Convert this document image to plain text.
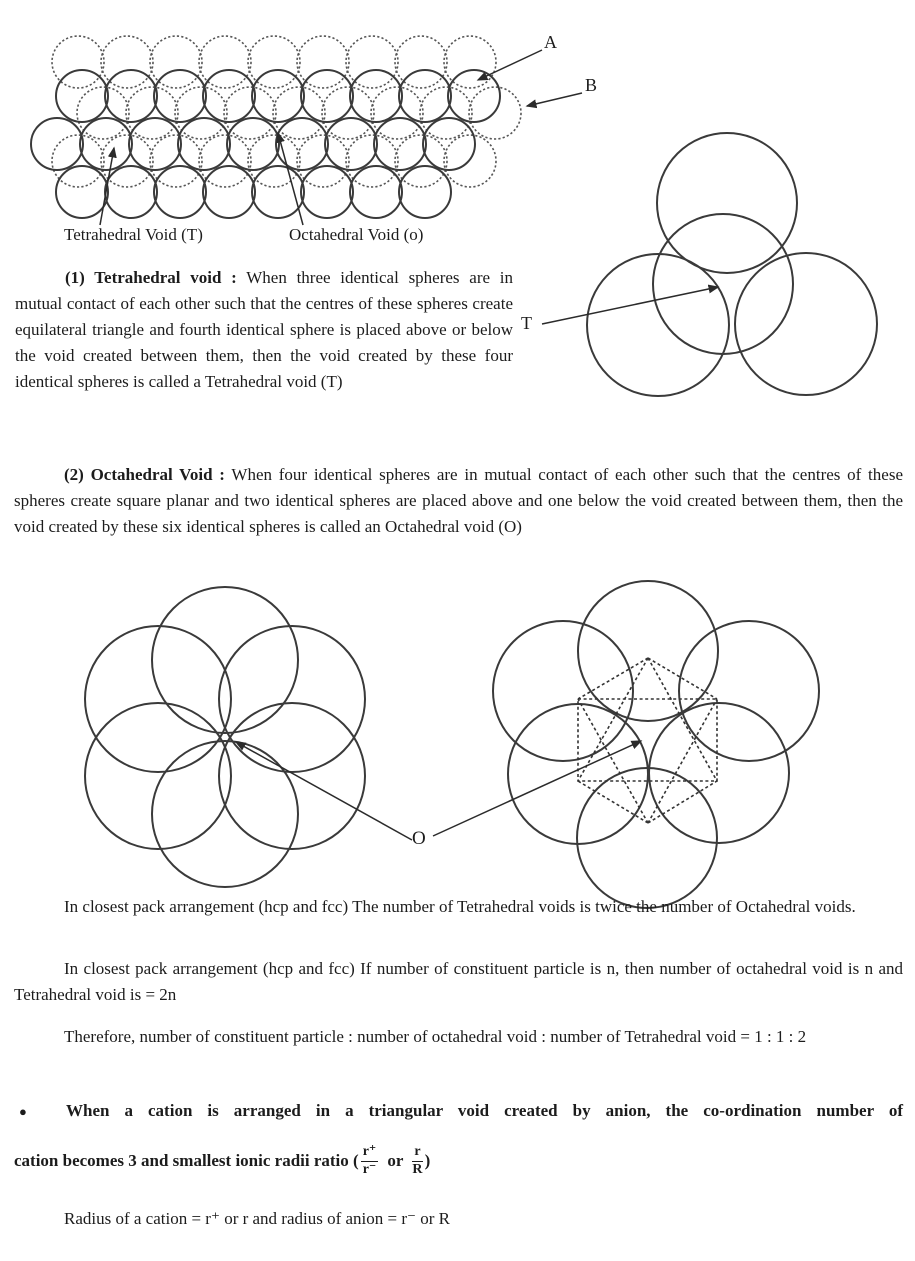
A
B
T
O
Tetrahedral Void (T)	Octahedral Void (o)

(1) Tetrahedral void : When three identical spheres are in mutual contact of each other such that the centres of these spheres create equilateral triangle and fourth identical sphere is placed above or below the void created between them, then the void created by these four identical spheres is called a Tetrahedral void (T)

(2) Octahedral Void : When four identical spheres are in mutual contact of each other such that the centres of these spheres create square planar and two identical spheres are placed above and one below the void created between them, then the void created by these six identical spheres is called an Octahedral void (O)

In closest pack arrangement (hcp and fcc) The number of Tetrahedral voids is twice the number of Octahedral voids.

In closest pack arrangement (hcp and fcc) If number of constituent particle is n, then number of octahedral void is n and Tetrahedral void is = 2n

Therefore, number of constituent particle : number of octahedral void : number of Tetrahedral void = 1 : 1 : 2

● When a cation is arranged in a triangular void created by anion, the co-ordination number of
cation becomes 3 and smallest ionic radii ratio ( $\frac{r^+}{r^-}$ or $\frac{r}{R}$ )

Radius of a cation = r⁺ or r and radius of anion = r⁻ or R
